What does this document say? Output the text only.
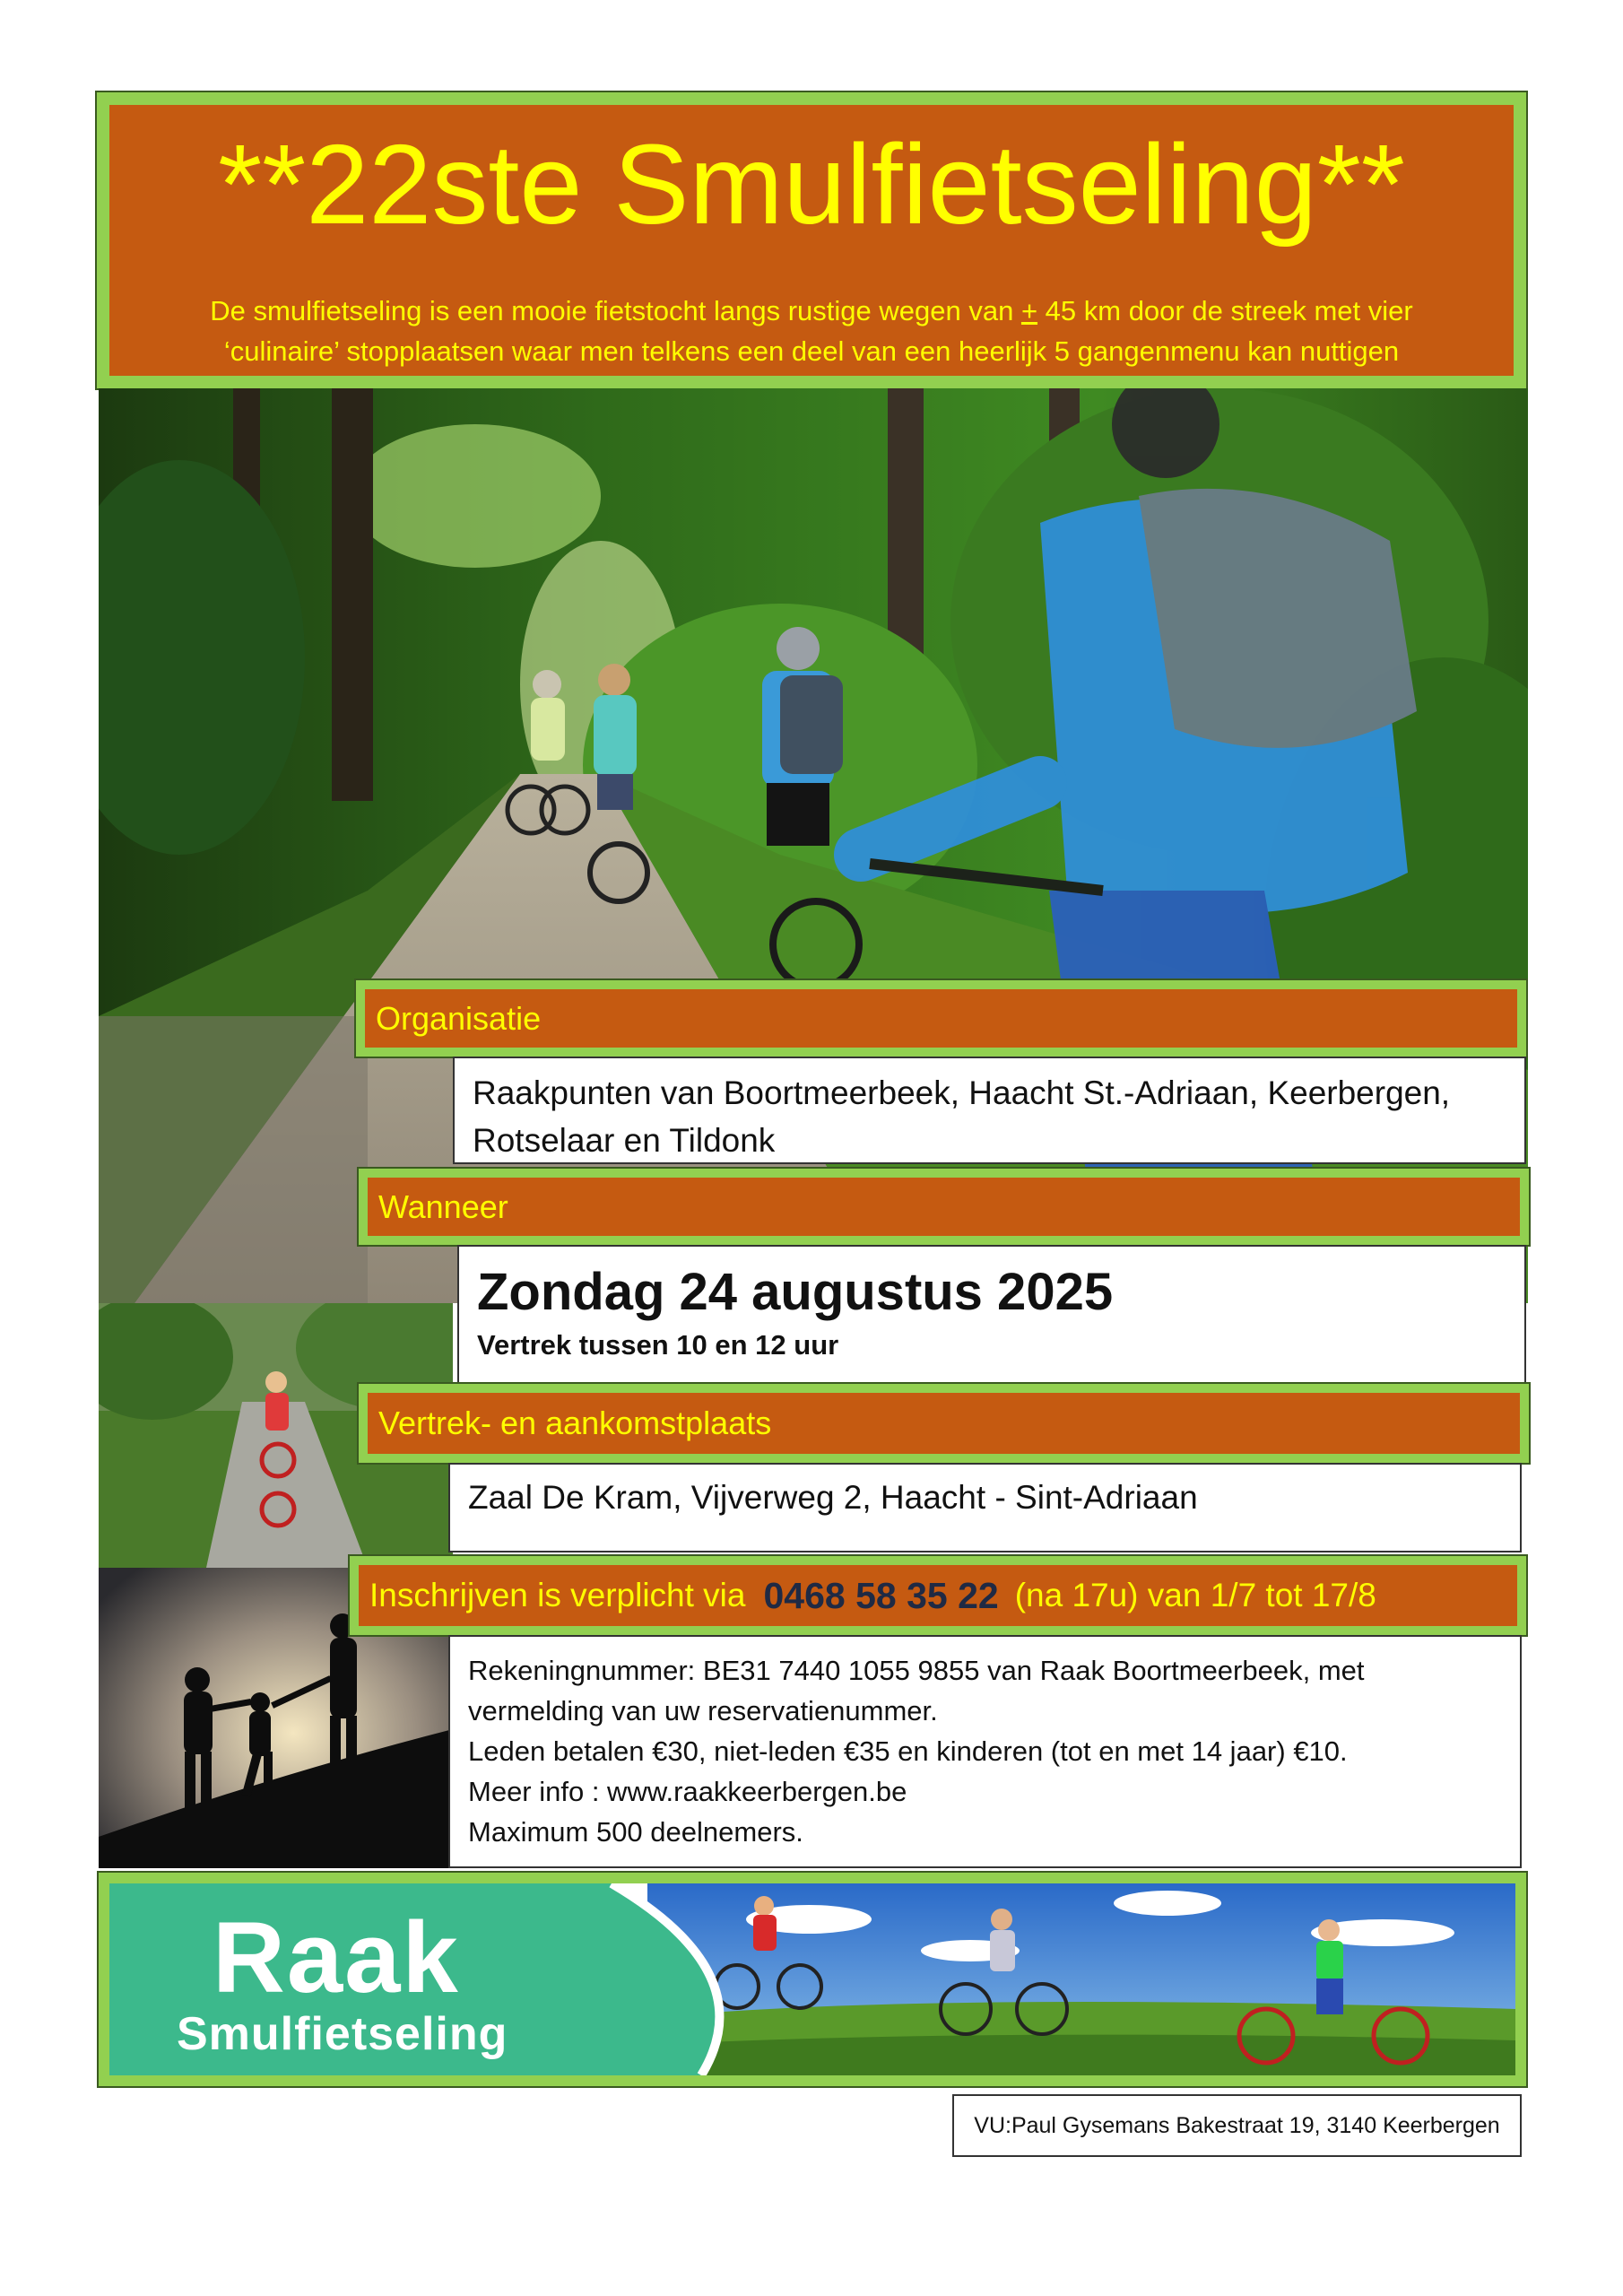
**22ste Smulfietseling**
De smulfietseling is een mooie fietstocht langs rustige wegen van + 45 km door de streek met vier
‘culinaire’ stopplaatsen waar men telkens een deel van een heerlijk 5 gangenmenu kan nuttigen
Organisatie
Raakpunten van Boortmeerbeek, Haacht St.-Adriaan, Keerbergen,
Rotselaar en Tildonk
Wanneer
Zondag 24 augustus 2025
Vertrek tussen 10 en 12 uur
Vertrek- en aankomstplaats
Zaal De Kram, Vijverweg 2, Haacht - Sint-Adriaan
Inschrijven is verplicht via 0468 58 35 22 (na 17u) van 1/7 tot 17/8
Rekeningnummer: BE31 7440 1055 9855 van Raak Boortmeerbeek, met
vermelding van uw reservatienummer.
Leden betalen €30, niet-leden €35 en kinderen (tot en met 14 jaar) €10.
Meer info : www.raakkeerbergen.be
Maximum 500 deelnemers.
Raak
Smulfietseling
VU:Paul Gysemans Bakestraat 19, 3140 Keerbergen
